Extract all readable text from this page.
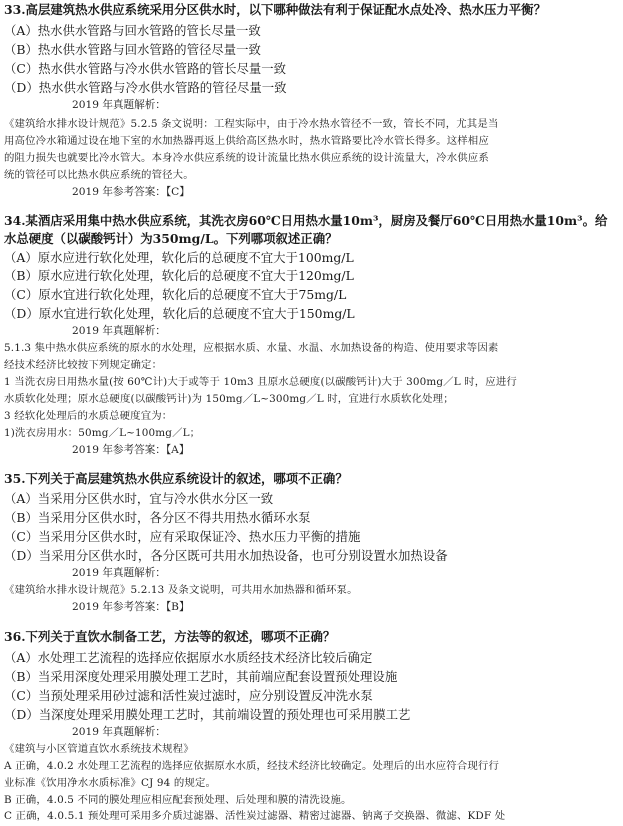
33.高层建筑热水供应系统采用分区供水时，以下哪种做法有利于保证配水点处冷、热水压力平衡？
（A）热水供水管路与回水管路的管长尽量一致
（B）热水供水管路与回水管路的管径尽量一致
（C）热水供水管路与冷水供水管路的管长尽量一致
（D）热水供水管路与冷水供水管路的管径尽量一致
2019 年真题解析：
《建筑给水排水设计规范》5.2.5 条文说明：工程实际中，由于冷水热水管径不一致，管长不同，尤其是当
用高位冷水箱通过设在地下室的水加热器再返上供给高区热水时，热水管路要比冷水管长得多。这样相应
的阻力损失也就要比冷水管大。本身冷水供应系统的设计流量比热水供应系统的设计流量大，冷水供应系
统的管径可以比热水供应系统的管径大。
2019 年参考答案：【C】
34.某酒店采用集中热水供应系统，其洗衣房60℃日用热水量10m³，厨房及餐厅60℃日用热水量10m³。给
水总硬度（以碳酸钙计）为350mg/L。下列哪项叙述正确？
（A）原水应进行软化处理，软化后的总硬度不宜大于100mg/L
（B）原水应进行软化处理，软化后的总硬度不宜大于120mg/L
（C）原水宜进行软化处理，软化后的总硬度不宜大于75mg/L
（D）原水宜进行软化处理，软化后的总硬度不宜大于150mg/L
2019 年真题解析：
5.1.3 集中热水供应系统的原水的水处理，应根据水质、水量、水温、水加热设备的构造、使用要求等因素
经技术经济比较按下列规定确定：
1 当洗衣房日用热水量(按 60℃计)大于或等于 10m3 且原水总硬度(以碳酸钙计)大于 300mg／L 时，应进行
水质软化处理；原水总硬度(以碳酸钙计)为 150mg／L~300mg／L 时，宜进行水质软化处理；
3 经软化处理后的水质总硬度宜为：
1)洗衣房用水：50mg／L~100mg／L；
2019 年参考答案：【A】
35.下列关于高层建筑热水供应系统设计的叙述，哪项不正确？
（A）当采用分区供水时，宜与冷水供水分区一致
（B）当采用分区供水时，各分区不得共用热水循环水泵
（C）当采用分区供水时，应有采取保证冷、热水压力平衡的措施
（D）当采用分区供水时，各分区既可共用水加热设备，也可分别设置水加热设备
2019 年真题解析：
《建筑给水排水设计规范》5.2.13 及条文说明，可共用水加热器和循环泵。
2019 年参考答案：【B】
36.下列关于直饮水制备工艺，方法等的叙述，哪项不正确？
（A）水处理工艺流程的选择应依据原水水质经技术经济比较后确定
（B）当采用深度处理采用膜处理工艺时，其前端应配套设置预处理设施
（C）当预处理采用砂过滤和活性炭过滤时，应分别设置反冲洗水泵
（D）当深度处理采用膜处理工艺时，其前端设置的预处理也可采用膜工艺
2019 年真题解析：
《建筑与小区管道直饮水系统技术规程》
A 正确，4.0.2 水处理工艺流程的选择应依据原水水质，经技术经济比较确定。处理后的出水应符合现行行
业标准《饮用净水水质标准》CJ 94 的规定。
B 正确，4.0.5 不同的膜处理应相应配套预处理、后处理和膜的清洗设施。
C 正确，4.0.5.1 预处理可采用多介质过滤器、活性炭过滤器、精密过滤器、钠离子交换器、微滤、KDF 处
